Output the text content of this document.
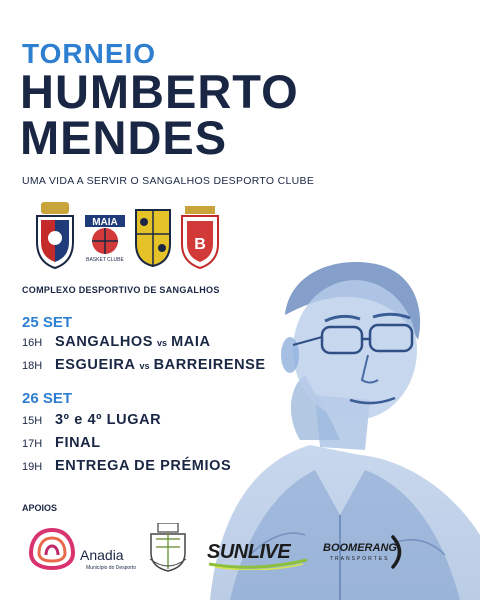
TORNEIO
HUMBERTO
MENDES
UMA VIDA A SERVIR O SANGALHOS DESPORTO CLUBE
MAIA
BASKET CLUBE
B
COMPLEXO DESPORTIVO DE SANGALHOS
25 SET
16H SANGALHOS vs MAIA
18H ESGUEIRA vs BARREIRENSE
26 SET
15H 3º e 4º LUGAR
17H FINAL
19H ENTREGA DE PRÉMIOS
APOIOS
Anadia
Município do Desporto
SUNLIVE	BOOMERANG
TRANSPORTES
